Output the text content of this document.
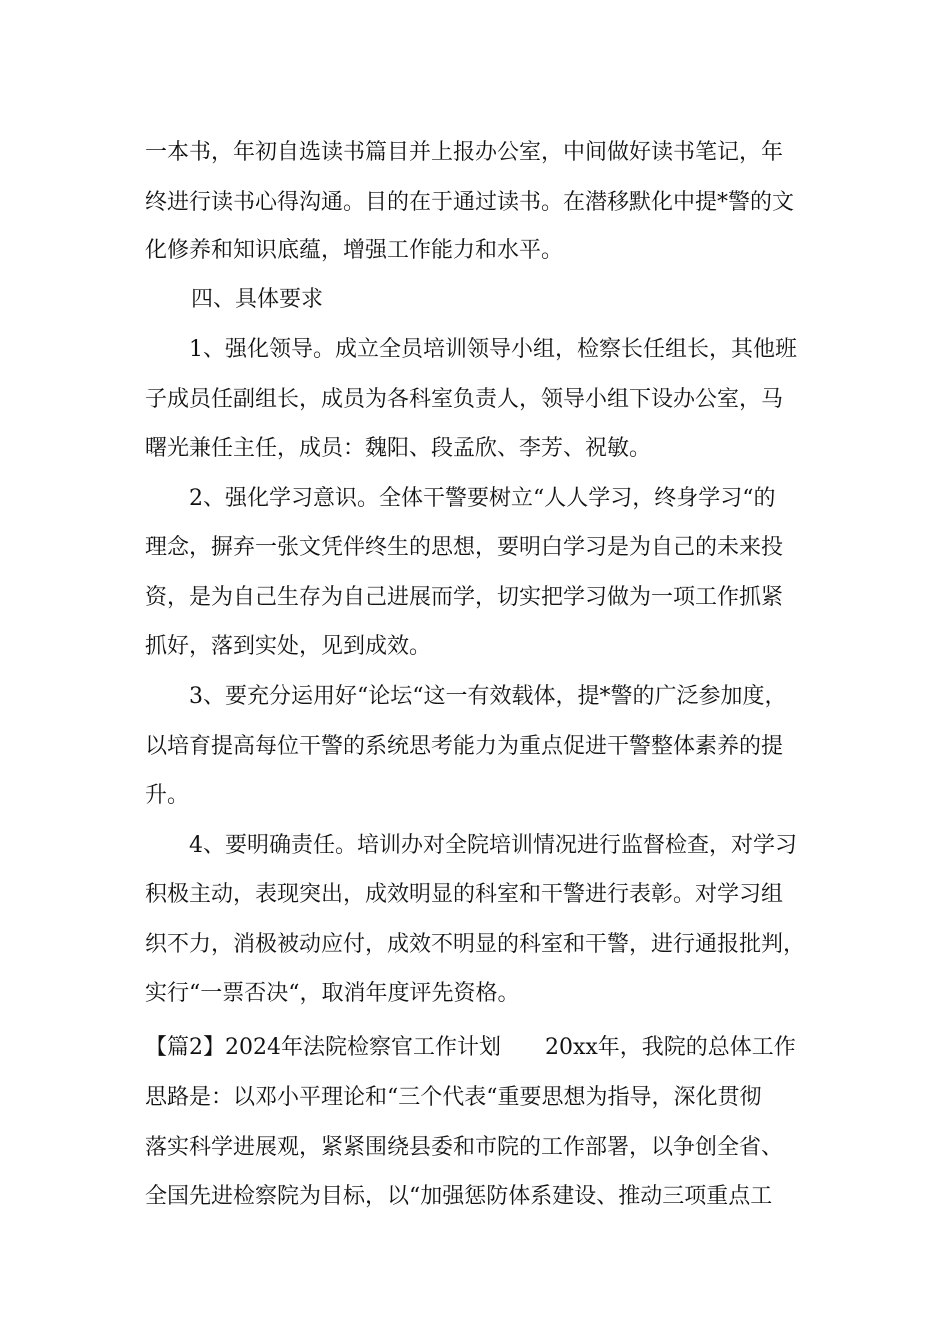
一本书，年初自选读书篇目并上报办公室，中间做好读书笔记，年
终进行读书心得沟通。目的在于通过读书。在潜移默化中提*警的文
化修养和知识底蕴，增强工作能力和水平。
四、具体要求
1、强化领导。成立全员培训领导小组，检察长任组长，其他班
子成员任副组长，成员为各科室负责人，领导小组下设办公室，马
曙光兼任主任，成员：魏阳、段孟欣、李芳、祝敏。
2、强化学习意识。全体干警要树立“人人学习，终身学习“的
理念，摒弃一张文凭伴终生的思想，要明白学习是为自己的未来投
资，是为自己生存为自己进展而学，切实把学习做为一项工作抓紧
抓好，落到实处，见到成效。
3、要充分运用好“论坛“这一有效载体，提*警的广泛参加度，
以培育提高每位干警的系统思考能力为重点促进干警整体素养的提
升。
4、要明确责任。培训办对全院培训情况进行监督检查，对学习
积极主动，表现突出，成效明显的科室和干警进行表彰。对学习组
织不力，消极被动应付，成效不明显的科室和干警，进行通报批判，
实行“一票否决“，取消年度评先资格。
【篇2】2024年法院检察官工作计划　　20xx年，我院的总体工作
思路是：以邓小平理论和“三个代表“重要思想为指导，深化贯彻
落实科学进展观，紧紧围绕县委和市院的工作部署，以争创全省、
全国先进检察院为目标，以“加强惩防体系建设、推动三项重点工
